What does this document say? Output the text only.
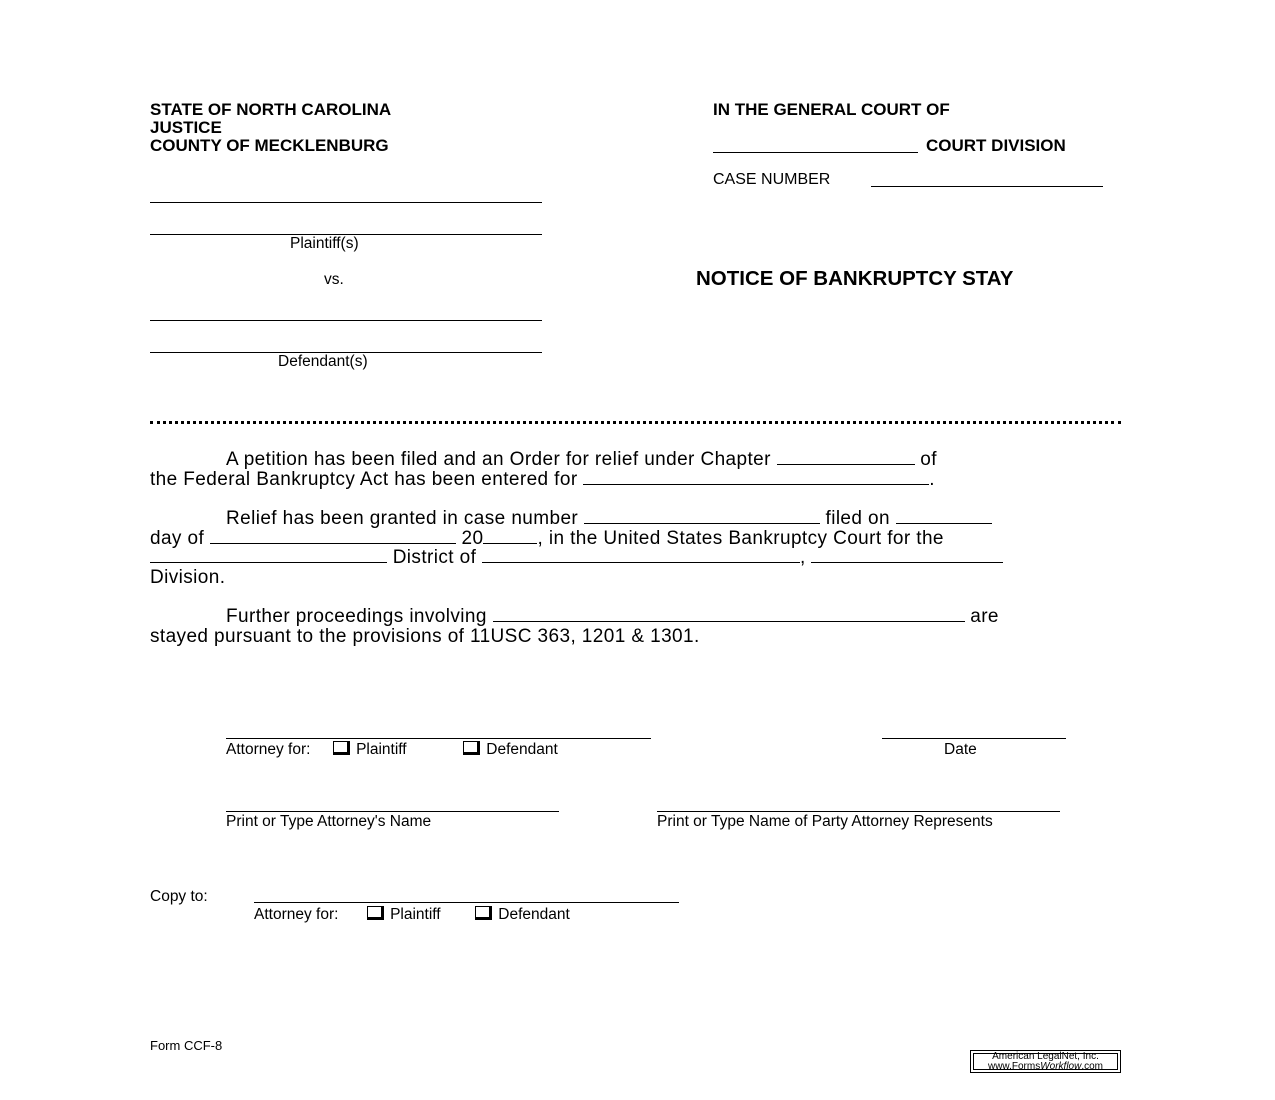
STATE OF NORTH CAROLINA
JUSTICE
COUNTY OF MECKLENBURG
IN THE GENERAL COURT OF
COURT DIVISION
CASE NUMBER
Plaintiff(s)
vs.
Defendant(s)
NOTICE OF BANKRUPTCY STAY
A petition has been filed and an Order for relief under Chapter	of
the Federal Bankruptcy Act has been entered for	.
Relief has been granted in case number	filed on
day of	20	, in the United States Bankruptcy Court for the
District of	,
Division.
Further proceedings involving	are
stayed pursuant to the provisions of 11USC 363, 1201 & 1301.
Attorney for:	Plaintiff	Defendant	Date
Print or Type Attorney's Name	Print or Type Name of Party Attorney Represents
Copy to:
Attorney for:	Plaintiff	Defendant
Form CCF-8
American LegalNet, Inc.
www.FormsWorkflow.com
